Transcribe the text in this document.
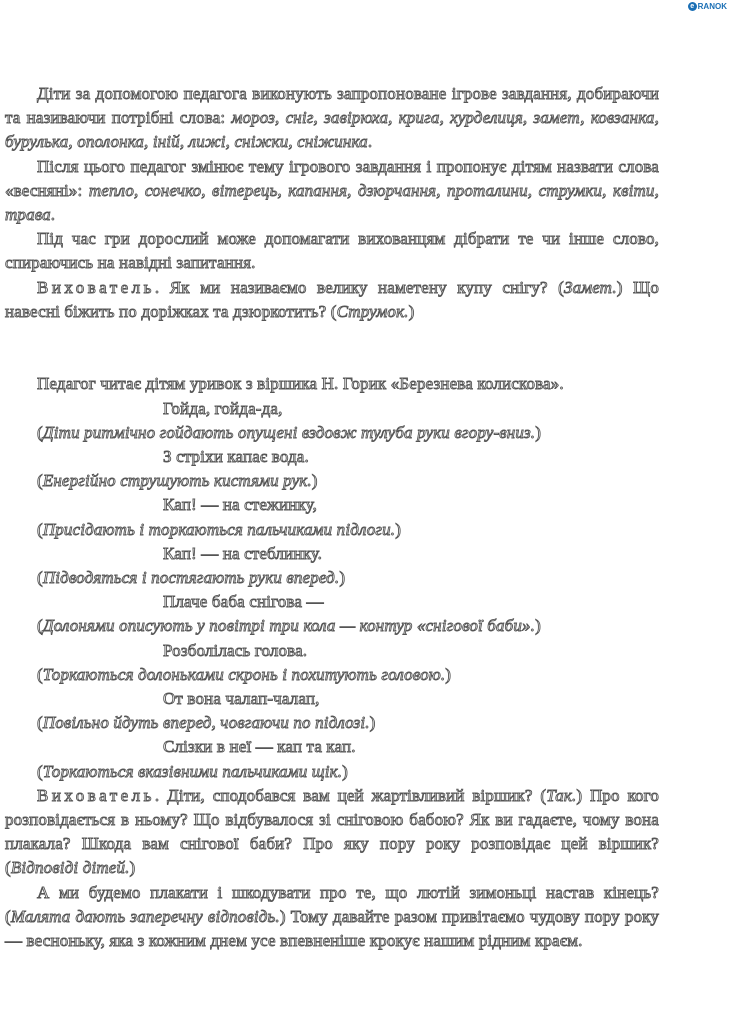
e RANOK

Діти за допомогою педагога виконують запропоноване ігрове завдання, добираючи та називаючи потрібні слова: мороз, сніг, завірюха, крига, хурделиця, замет, ковзанка, бурулька, ополонка, іній, лижі, сніжки, сніжинка.

Після цього педагог змінює тему ігрового завдання і пропонує дітям назвати слова «весняні»: тепло, сонечко, вітерець, капання, дзюрчання, проталини, струмки, квіти, трава.

Під час гри дорослий може допомагати вихованцям дібрати те чи інше слово, спираючись на навідні запитання.

Вихователь. Як ми називаємо велику наметену купу снігу? (Замет.) Що навесні біжить по доріжках та дзюркотить? (Струмок.)

Педагог читає дітям уривок з віршика Н. Горик «Березнева колискова».

Гойда, гойда-да,

(Діти ритмічно гойдають опущені вздовж тулуба руки вгору-вниз.)

З стріхи капає вода.

(Енергійно струшують кистями рук.)

Кап! — на стежинку,

(Присідають і торкаються пальчиками підлоги.)

Кап! — на стеблинку.

(Підводяться і постягають руки вперед.)

Плаче баба снігова —

(Долонями описують у повітрі три кола — контур «снігової баби».)

Розболілась голова.

(Торкаються долоньками скронь і похитують головою.)

От вона чалап-чалап,

(Повільно йдуть вперед, човгаючи по підлозі.)

Слізки в неї — кап та кап.

(Торкаються вказівними пальчиками щік.)

Вихователь. Діти, сподобався вам цей жартівливий віршик? (Так.) Про кого розповідається в ньому? Що відбувалося зі сніговою бабою? Як ви гадаєте, чому вона плакала? Шкода вам снігової баби? Про яку пору року розповідає цей віршик? (Відповіді дітей.)

А ми будемо плакати і шкодувати про те, що лютій зимоньці настав кінець? (Малята дають заперечну відповідь.) Тому давайте разом привітаємо чудову пору року — весноньку, яка з кожним днем усе впевненіше крокує нашим рідним краєм.
